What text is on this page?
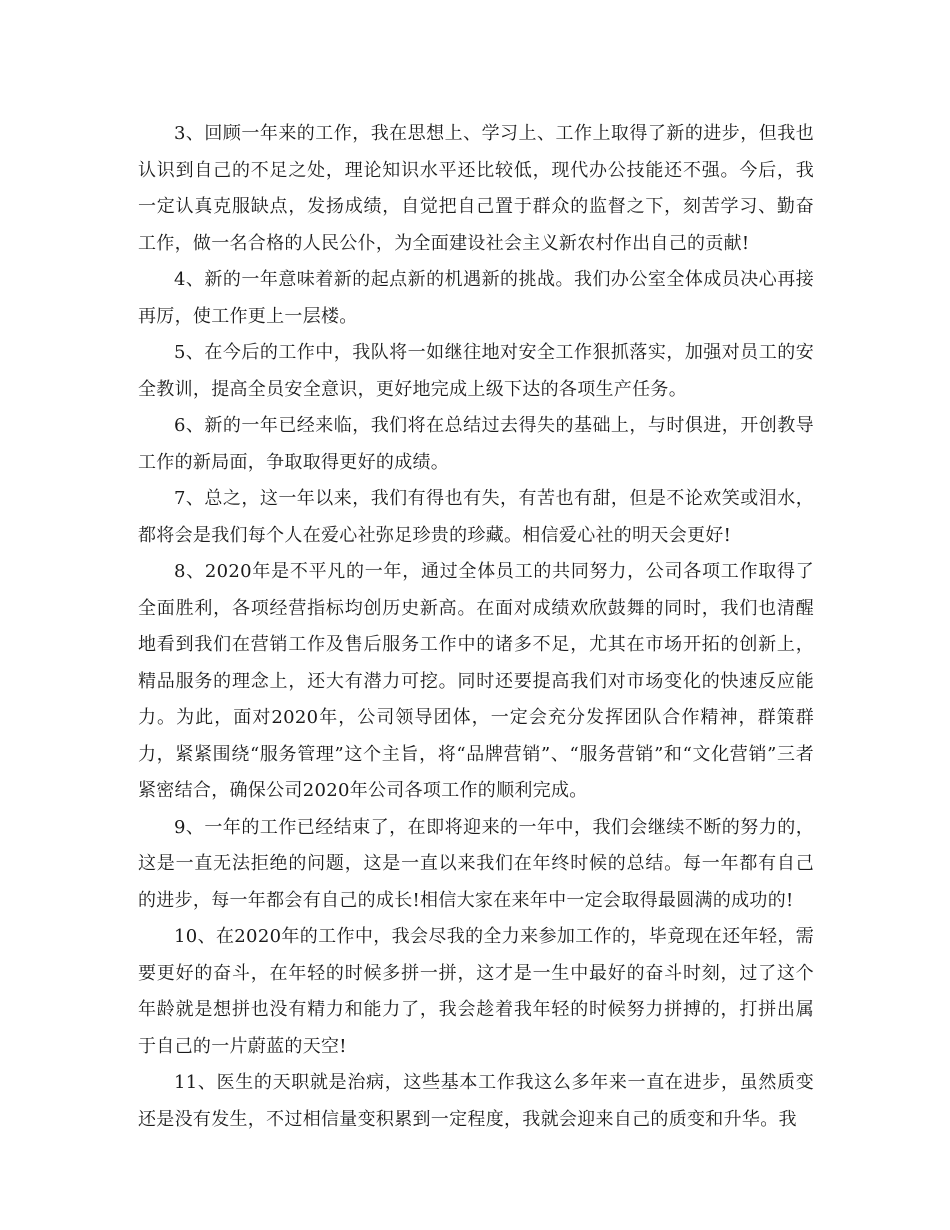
3、回顾一年来的工作，我在思想上、学习上、工作上取得了新的进步，但我也认识到自己的不足之处，理论知识水平还比较低，现代办公技能还不强。今后，我一定认真克服缺点，发扬成绩，自觉把自己置于群众的监督之下，刻苦学习、勤奋工作，做一名合格的人民公仆，为全面建设社会主义新农村作出自己的贡献!

4、新的一年意味着新的起点新的机遇新的挑战。我们办公室全体成员决心再接再厉，使工作更上一层楼。

5、在今后的工作中，我队将一如继往地对安全工作狠抓落实，加强对员工的安全教训，提高全员安全意识，更好地完成上级下达的各项生产任务。

6、新的一年已经来临，我们将在总结过去得失的基础上，与时俱进，开创教导工作的新局面，争取取得更好的成绩。

7、总之，这一年以来，我们有得也有失，有苦也有甜，但是不论欢笑或泪水，都将会是我们每个人在爱心社弥足珍贵的珍藏。相信爱心社的明天会更好!

8、2020年是不平凡的一年，通过全体员工的共同努力，公司各项工作取得了全面胜利，各项经营指标均创历史新高。在面对成绩欢欣鼓舞的同时，我们也清醒地看到我们在营销工作及售后服务工作中的诸多不足，尤其在市场开拓的创新上，精品服务的理念上，还大有潜力可挖。同时还要提高我们对市场变化的快速反应能力。为此，面对2020年，公司领导团体，一定会充分发挥团队合作精神，群策群力，紧紧围绕“服务管理”这个主旨，将“品牌营销”、“服务营销”和“文化营销”三者紧密结合，确保公司2020年公司各项工作的顺利完成。

9、一年的工作已经结束了，在即将迎来的一年中，我们会继续不断的努力的，这是一直无法拒绝的问题，这是一直以来我们在年终时候的总结。每一年都有自己的进步，每一年都会有自己的成长!相信大家在来年中一定会取得最圆满的成功的!

10、在2020年的工作中，我会尽我的全力来参加工作的，毕竟现在还年轻，需要更好的奋斗，在年轻的时候多拼一拼，这才是一生中最好的奋斗时刻，过了这个年龄就是想拼也没有精力和能力了，我会趁着我年轻的时候努力拼搏的，打拼出属于自己的一片蔚蓝的天空!

11、医生的天职就是治病，这些基本工作我这么多年来一直在进步，虽然质变还是没有发生，不过相信量变积累到一定程度，我就会迎来自己的质变和升华。我
